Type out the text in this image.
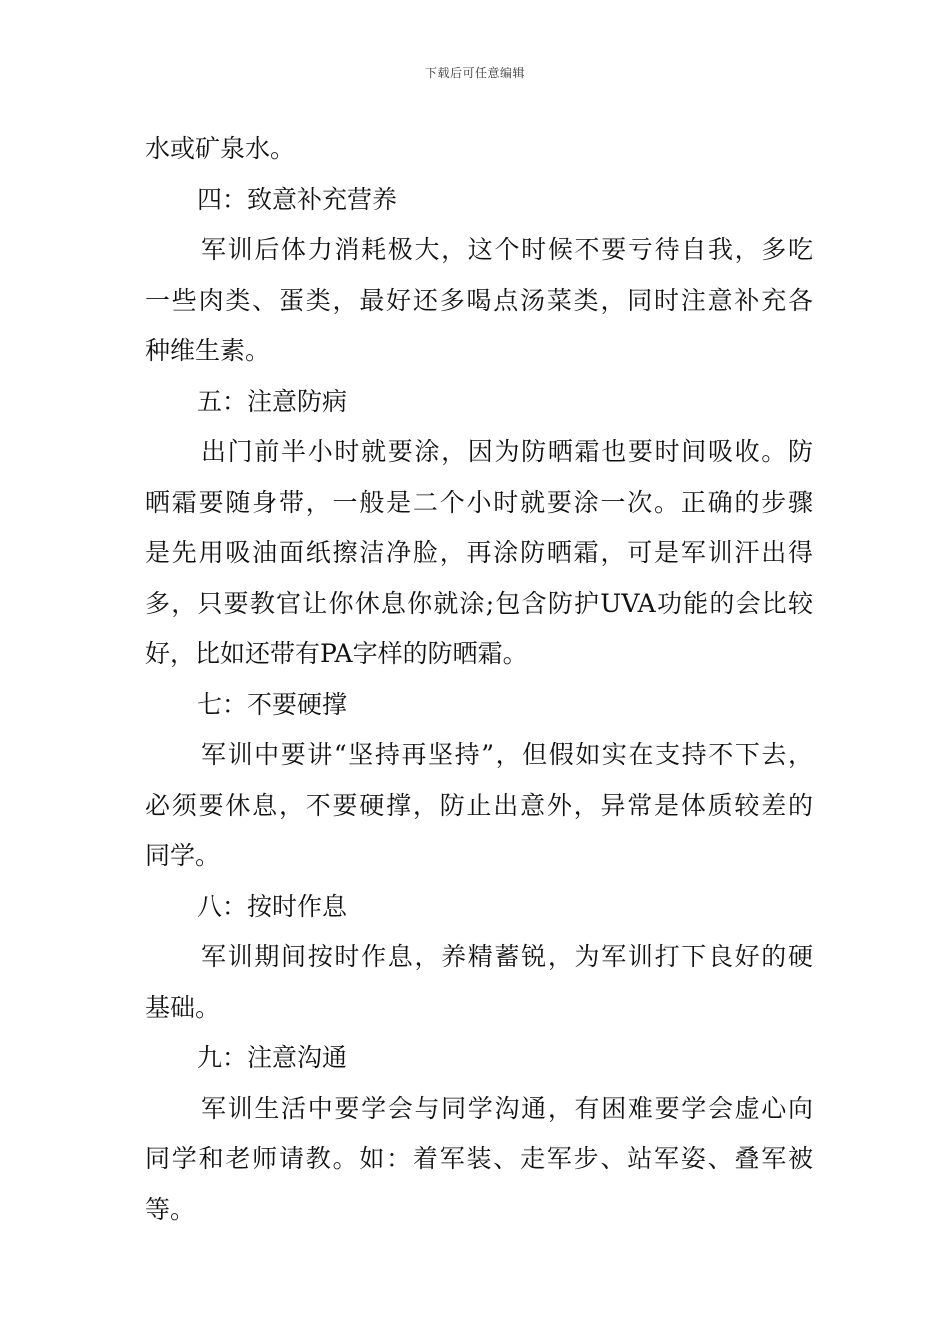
下载后可任意编辑
水或矿泉水。
四：致意补充营养
军训后体力消耗极大，这个时候不要亏待自我，多吃
一些肉类、蛋类，最好还多喝点汤菜类，同时注意补充各
种维生素。
五：注意防病
出门前半小时就要涂，因为防晒霜也要时间吸收。防
晒霜要随身带，一般是二个小时就要涂一次。正确的步骤
是先用吸油面纸擦洁净脸，再涂防晒霜，可是军训汗出得
多，只要教官让你休息你就涂;包含防护UVA功能的会比较
好，比如还带有PA字样的防晒霜。
七：不要硬撑
军训中要讲“坚持再坚持”，但假如实在支持不下去，
必须要休息，不要硬撑，防止出意外，异常是体质较差的
同学。
八：按时作息
军训期间按时作息，养精蓄锐，为军训打下良好的硬
基础。
九：注意沟通
军训生活中要学会与同学沟通，有困难要学会虚心向
同学和老师请教。如：着军装、走军步、站军姿、叠军被
等。
